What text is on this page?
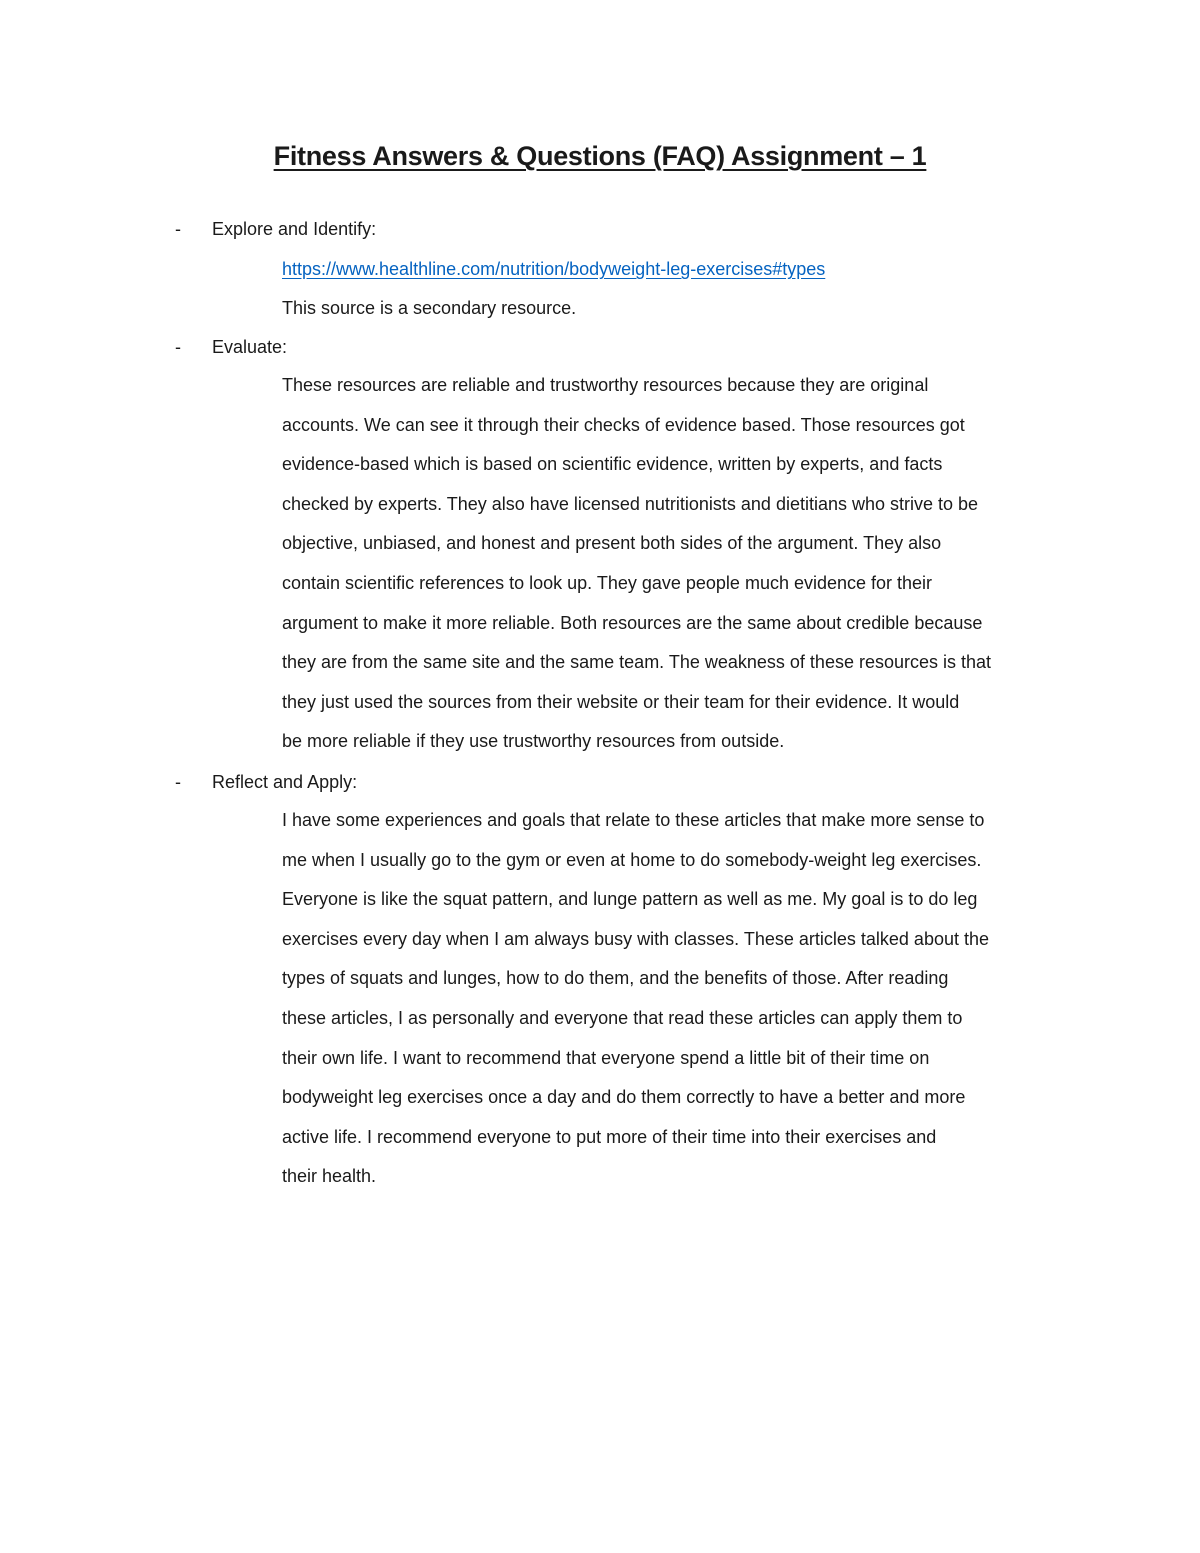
Fitness Answers & Questions (FAQ) Assignment – 1
- Explore and Identify:
https://www.healthline.com/nutrition/bodyweight-leg-exercises#types
This source is a secondary resource.
- Evaluate:
These resources are reliable and trustworthy resources because they are original
accounts. We can see it through their checks of evidence based. Those resources got
evidence-based which is based on scientific evidence, written by experts, and facts
checked by experts. They also have licensed nutritionists and dietitians who strive to be
objective, unbiased, and honest and present both sides of the argument. They also
contain scientific references to look up. They gave people much evidence for their
argument to make it more reliable. Both resources are the same about credible because
they are from the same site and the same team. The weakness of these resources is that
they just used the sources from their website or their team for their evidence. It would
be more reliable if they use trustworthy resources from outside.
- Reflect and Apply:
I have some experiences and goals that relate to these articles that make more sense to
me when I usually go to the gym or even at home to do somebody-weight leg exercises.
Everyone is like the squat pattern, and lunge pattern as well as me. My goal is to do leg
exercises every day when I am always busy with classes. These articles talked about the
types of squats and lunges, how to do them, and the benefits of those. After reading
these articles, I as personally and everyone that read these articles can apply them to
their own life. I want to recommend that everyone spend a little bit of their time on
bodyweight leg exercises once a day and do them correctly to have a better and more
active life. I recommend everyone to put more of their time into their exercises and
their health.
